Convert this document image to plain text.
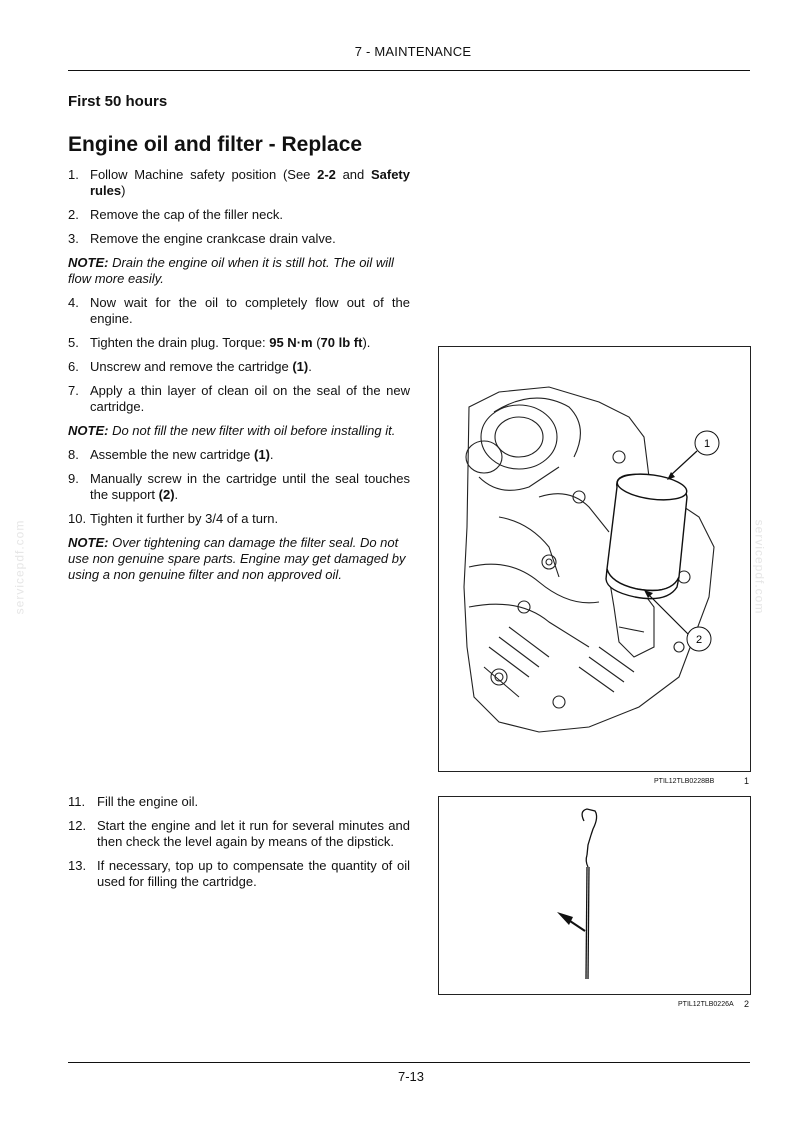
7 - MAINTENANCE
First 50 hours
Engine oil and filter - Replace
1. Follow Machine safety position (See 2-2 and Safety rules)
2. Remove the cap of the filler neck.
3. Remove the engine crankcase drain valve.
NOTE: Drain the engine oil when it is still hot. The oil will flow more easily.
4. Now wait for the oil to completely flow out of the engine.
5. Tighten the drain plug. Torque: 95 N·m (70 lb ft).
6. Unscrew and remove the cartridge (1).
7. Apply a thin layer of clean oil on the seal of the new cartridge.
NOTE: Do not fill the new filter with oil before installing it.
8. Assemble the new cartridge (1).
9. Manually screw in the cartridge until the seal touches the support (2).
10. Tighten it further by 3/4 of a turn.
NOTE: Over tightening can damage the filter seal. Do not use non genuine spare parts. Engine may get damaged by using a non genuine filter and non approved oil.
11. Fill the engine oil.
12. Start the engine and let it run for several minutes and then check the level again by means of the dipstick.
13. If necessary, top up to compensate the quantity of oil used for filling the cartridge.
1
2
PTIL12TLB0228BB	1
PTIL12TLB0226A 2
servicepdf.com	servicepdf.com
7-13
